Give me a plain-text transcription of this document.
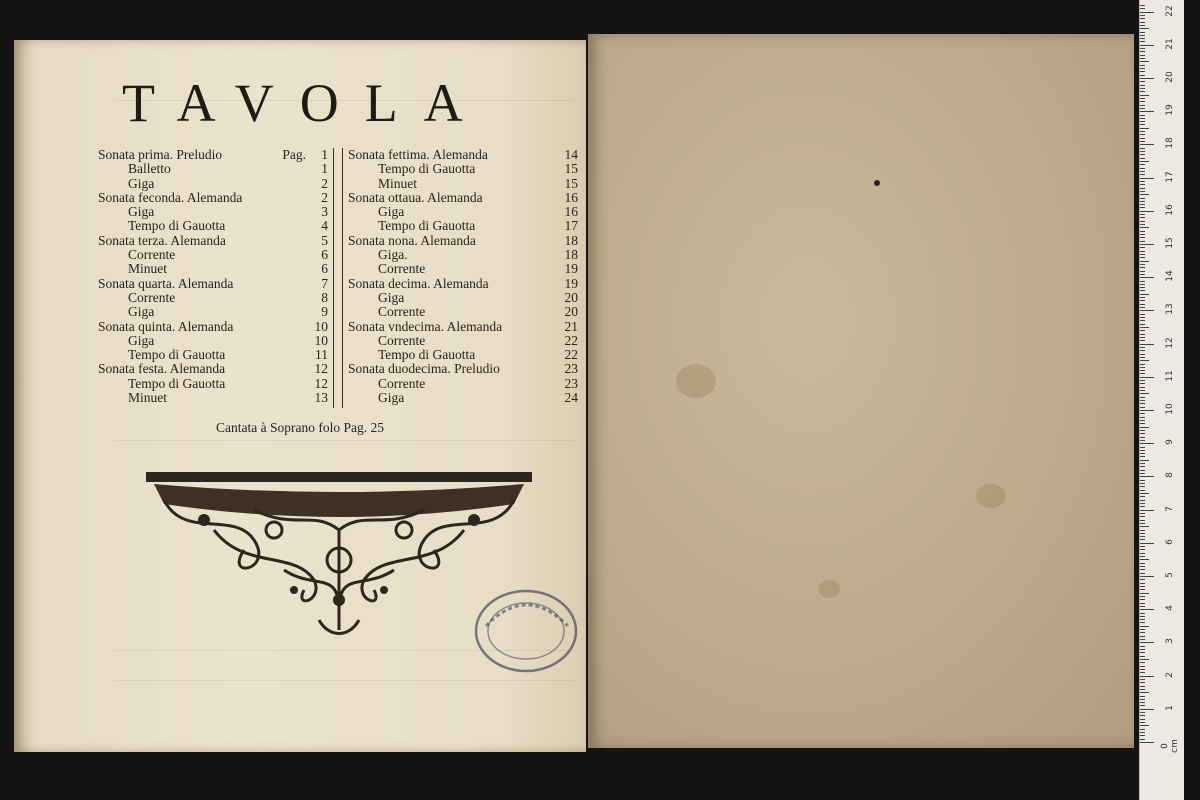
TAVOLA
Sonata prima. Preludio	Pag. 1
Balletto	1
Giga	2
Sonata feconda. Alemanda	2
Giga	3
Tempo di Gauotta	4
Sonata terza. Alemanda	5
Corrente	6
Minuet	6
Sonata quarta. Alemanda	7
Corrente	8
Giga	9
Sonata quinta. Alemanda	10
Giga	10
Tempo di Gauotta	11
Sonata festa. Alemanda	12
Tempo di Gauotta	12
Minuet	13
Sonata fettima. Alemanda	14
Tempo di Gauotta	15
Minuet	15
Sonata ottaua. Alemanda	16
Giga	16
Tempo di Gauotta	17
Sonata nona. Alemanda	18
Giga.	18
Corrente	19
Sonata decima. Alemanda	19
Giga	20
Corrente	20
Sonata vndecima. Alemanda	21
Corrente	22
Tempo di Gauotta	22
Sonata duodecima. Preludio	23
Corrente	23
Giga	24
Cantata à Soprano folo Pag. 25
0 cm
1
2
3
4
5
6
7
8
9
10
11
12
13
14
15
16
17
18
19
20
21
22
